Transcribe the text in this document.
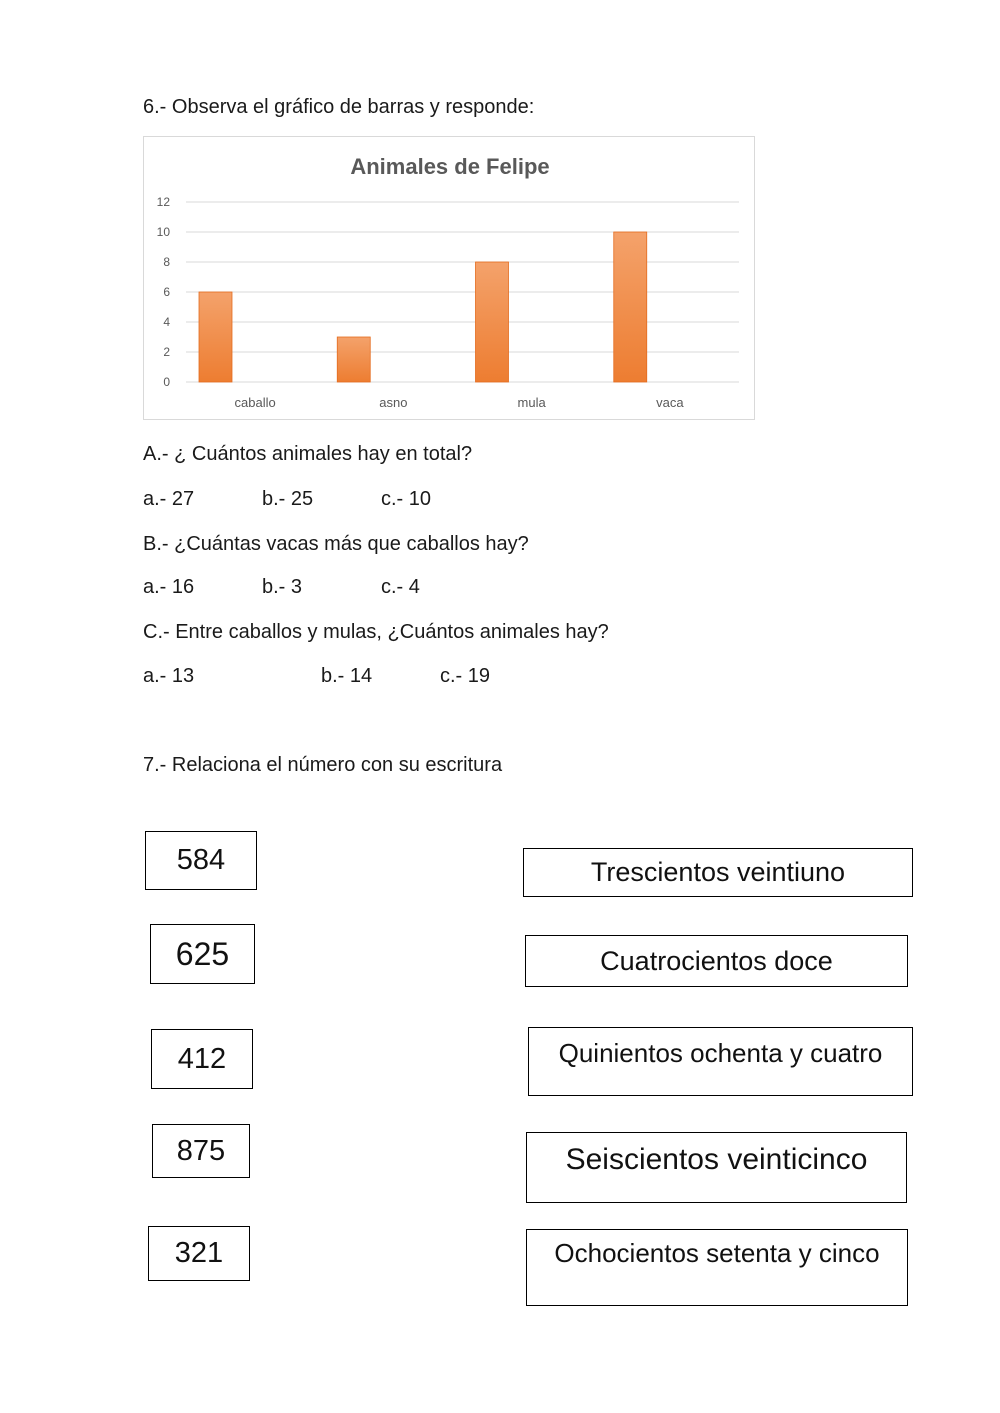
6.- Observa el gráfico de barras y responde:
Animales de Felipe
0
2
4
6
8
10
12
caballo	asno	mula	vaca
A.- ¿ Cuántos animales hay en total?
a.- 27	b.- 25	c.- 10
B.- ¿Cuántas vacas más que caballos hay?
a.- 16	b.- 3	c.- 4
C.- Entre caballos y mulas, ¿Cuántos animales hay?
a.- 13	b.- 14	c.- 19
7.- Relaciona el número con su escritura
584
625
412
875
321
Trescientos veintiuno
Cuatrocientos doce
Quinientos ochenta y cuatro
Seiscientos veinticinco
Ochocientos setenta y cinco
